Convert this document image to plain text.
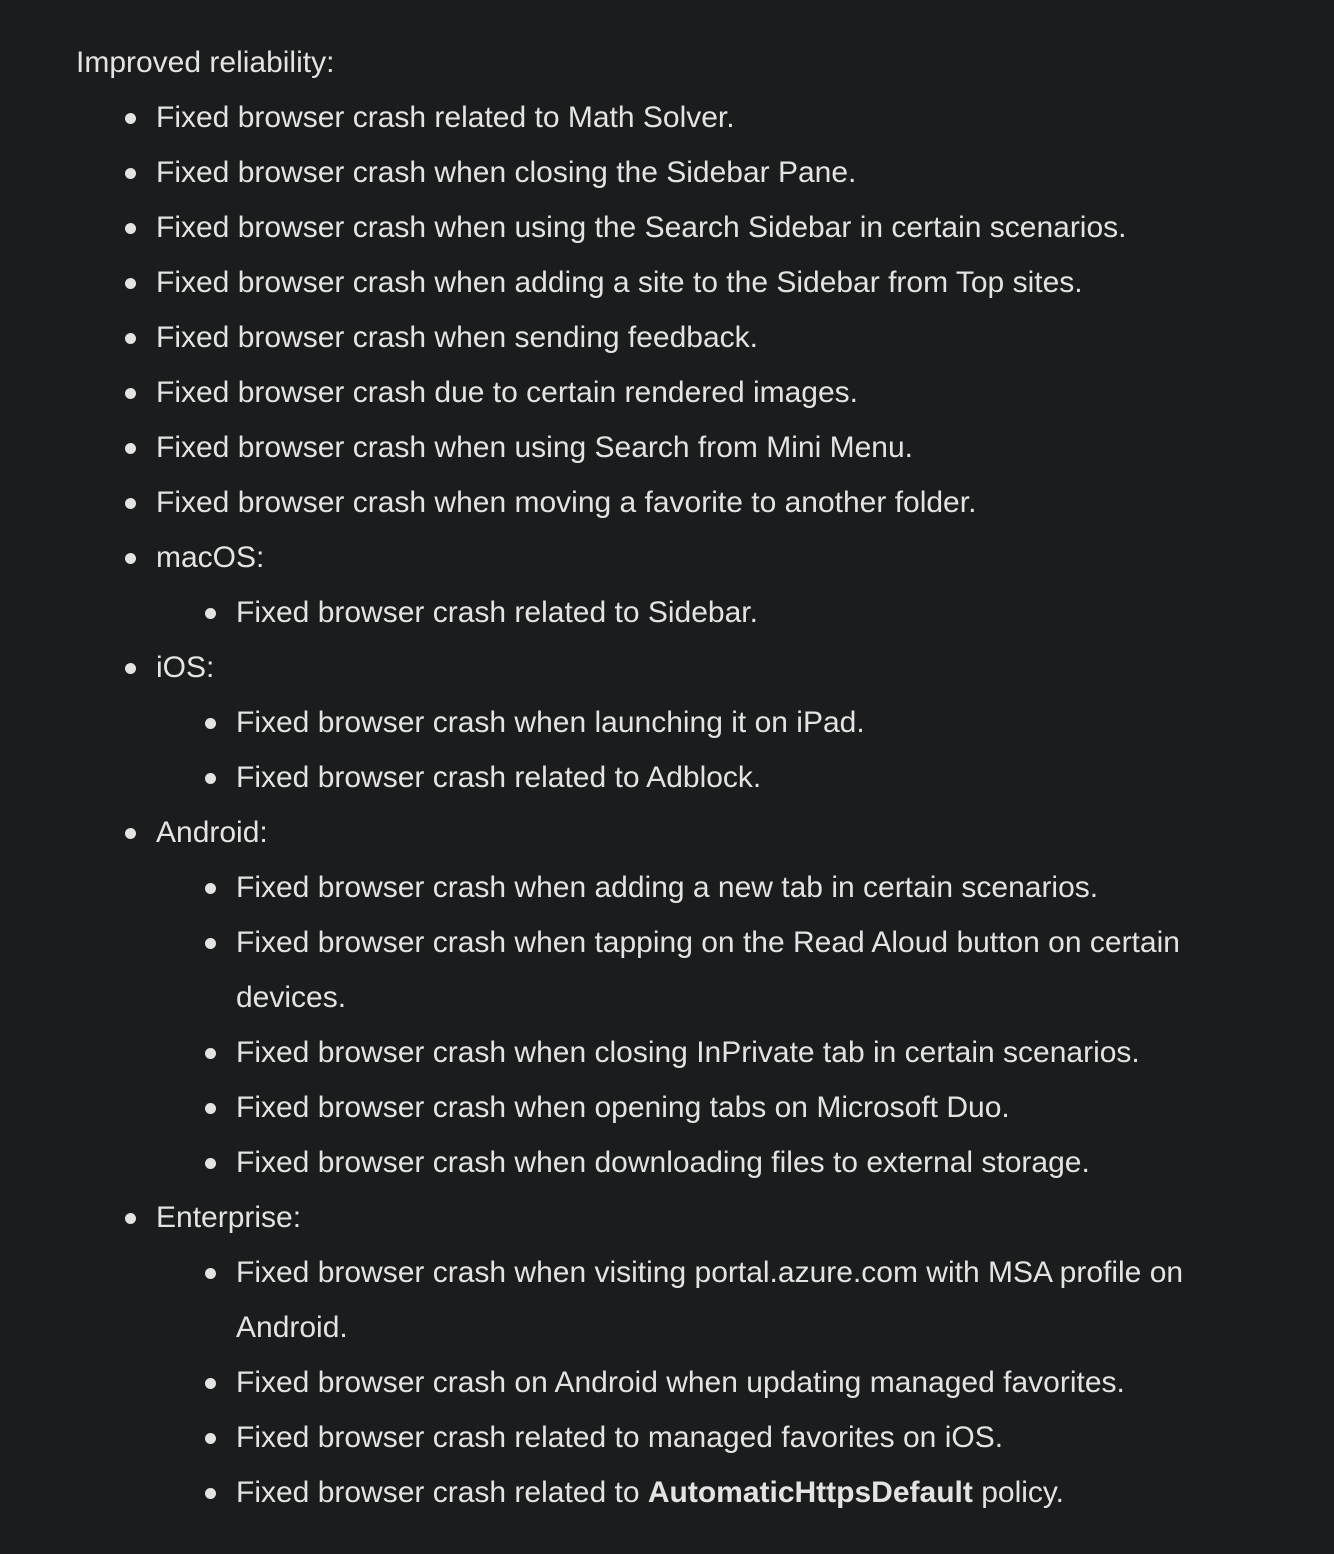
Improved reliability:

Fixed browser crash related to Math Solver.
Fixed browser crash when closing the Sidebar Pane.
Fixed browser crash when using the Search Sidebar in certain scenarios.
Fixed browser crash when adding a site to the Sidebar from Top sites.
Fixed browser crash when sending feedback.
Fixed browser crash due to certain rendered images.
Fixed browser crash when using Search from Mini Menu.
Fixed browser crash when moving a favorite to another folder.
macOS:
Fixed browser crash related to Sidebar.
iOS:
Fixed browser crash when launching it on iPad.
Fixed browser crash related to Adblock.
Android:
Fixed browser crash when adding a new tab in certain scenarios.
Fixed browser crash when tapping on the Read Aloud button on certain devices.
Fixed browser crash when closing InPrivate tab in certain scenarios.
Fixed browser crash when opening tabs on Microsoft Duo.
Fixed browser crash when downloading files to external storage.
Enterprise:
Fixed browser crash when visiting portal.azure.com with MSA profile on Android.
Fixed browser crash on Android when updating managed favorites.
Fixed browser crash related to managed favorites on iOS.
Fixed browser crash related to AutomaticHttpsDefault policy.
